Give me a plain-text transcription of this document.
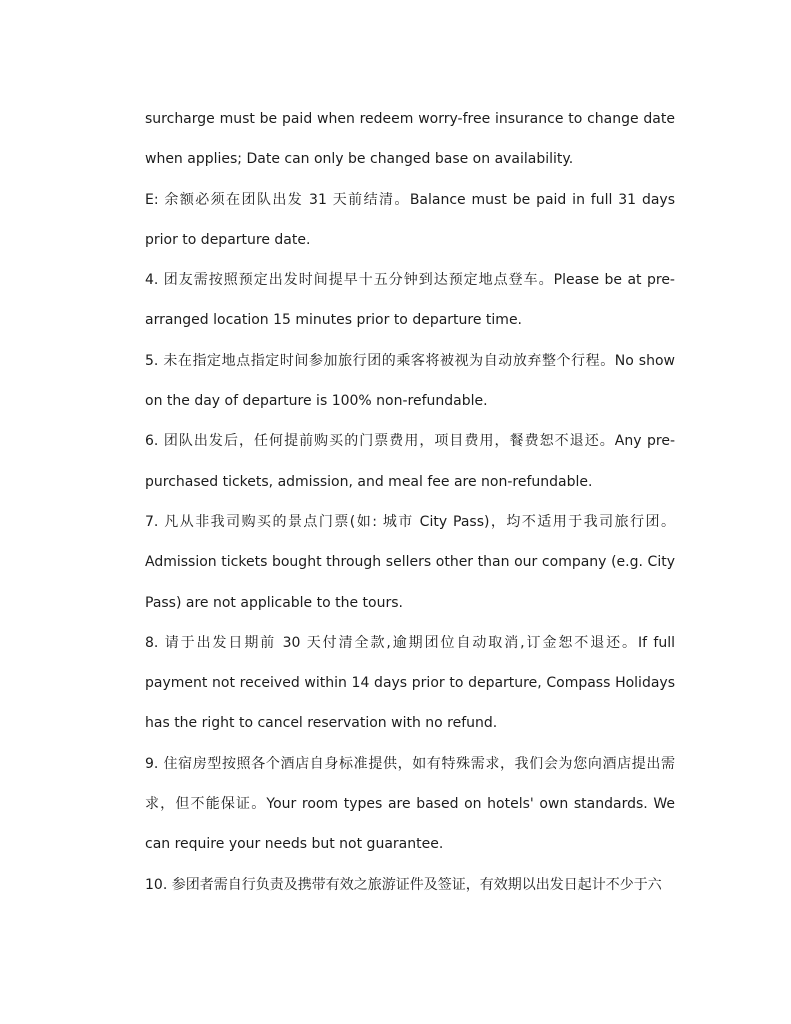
surcharge must be paid when redeem worry-free insurance to change date when applies; Date can only be changed base on availability.

E: 余额必须在团队出发 31 天前结清。Balance must be paid in full 31 days prior to departure date.

4. 团友需按照预定出发时间提早十五分钟到达预定地点登车。Please be at pre-arranged location 15 minutes prior to departure time.

5. 未在指定地点指定时间参加旅行团的乘客将被视为自动放弃整个行程。No show on the day of departure is 100% non-refundable.

6. 团队出发后，任何提前购买的门票费用，项目费用，餐费恕不退还。Any pre-purchased tickets, admission, and meal fee are non-refundable.

7. 凡从非我司购买的景点门票(如: 城市 City Pass)，均不适用于我司旅行团。Admission tickets bought through sellers other than our company (e.g. City Pass) are not applicable to the tours.

8. 请于出发日期前 30 天付清全款,逾期团位自动取消,订金恕不退还。If full payment not received within 14 days prior to departure, Compass Holidays has the right to cancel reservation with no refund.

9. 住宿房型按照各个酒店自身标准提供，如有特殊需求，我们会为您向酒店提出需求，但不能保证。Your room types are based on hotels' own standards. We can require your needs but not guarantee.

10. 参团者需自行负责及携带有效之旅游证件及签证，有效期以出发日起计不少于六
